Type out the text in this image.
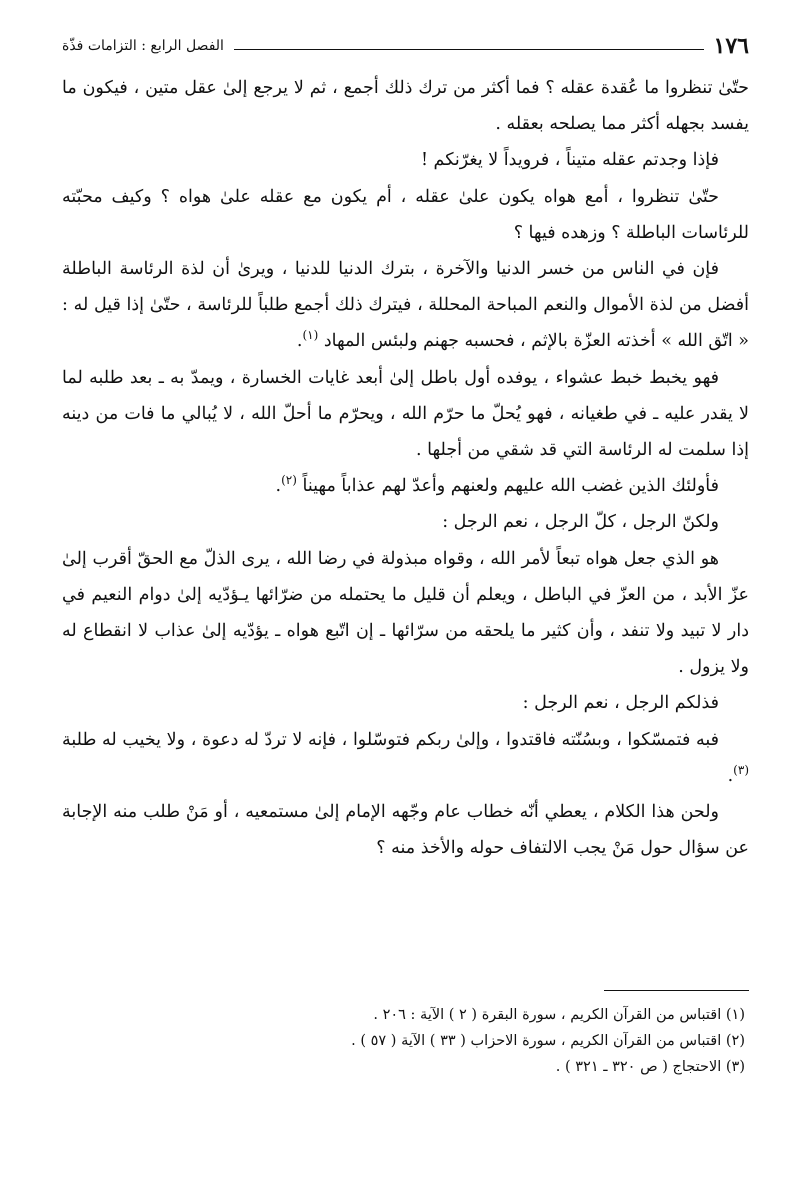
١٧٦
الفصل الرابع : التزامات فذّة

حتّىٰ تنظروا ما عُقدة عقله ؟ فما أكثر من ترك ذلك أجمع ، ثم لا يرجع إلىٰ عقل متين ، فيكون ما يفسد بجهله أكثر مما يصلحه بعقله .

فإذا وجدتم عقله متيناً ، فرويداً لا يغرّنكم !

حتّىٰ تنظروا ، أمع هواه يكون علىٰ عقله ، أم يكون مع عقله علىٰ هواه ؟ وكيف محبّته للرئاسات الباطلة ؟ وزهده فيها ؟

فإن في الناس من خسر الدنيا والآخرة ، بترك الدنيا للدنيا ، ويرىٰ أن لذة الرئاسة الباطلة أفضل من لذة الأموال والنعم المباحة المحللة ، فيترك ذلك أجمع طلباً للرئاسة ، حتّىٰ إذا قيل له : « اتّق الله » أخذته العزّة بالإثم ، فحسبه جهنم ولبئس المهاد $^{(١)}$.

فهو يخبط خبط عشواء ، يوفده أول باطل إلىٰ أبعد غايات الخسارة ، ويمدّ به ـ بعد طلبه لما لا يقدر عليه ـ في طغيانه ، فهو يُحلّ ما حرّم الله ، ويحرّم ما أحلّ الله ، لا يُبالي ما فات من دينه إذا سلمت له الرئاسة التي قد شقي من أجلها .

فأولئك الذين غضب الله عليهم ولعنهم وأعدّ لهم عذاباً مهيناً $^{(٢)}$.

ولكنّ الرجل ، كلّ الرجل ، نعم الرجل :

هو الذي جعل هواه تبعاً لأمر الله ، وقواه مبذولة في رضا الله ، يرى الذلّ مع الحقّ أقرب إلىٰ عزّ الأبد ، من العزّ في الباطل ، ويعلم أن قليل ما يحتمله من ضرّائها يـؤدّيه إلىٰ دوام النعيم في دار لا تبيد ولا تنفد ، وأن كثير ما يلحقه من سرّائها ـ إن اتّبع هواه ـ يؤدّيه إلىٰ عذاب لا انقطاع له ولا يزول .

فذلكم الرجل ، نعم الرجل :

فبه فتمسّكوا ، وبسُنّته فاقتدوا ، وإلىٰ ربكم فتوسّلوا ، فإنه لا تردّ له دعوة ، ولا يخيب له طلبة $^{(٣)}$.

ولحن هذا الكلام ، يعطي أنّه خطاب عام وجّهه الإمام إلىٰ مستمعيه ، أو مَنْ طلب منه الإجابة عن سؤال حول مَنْ يجب الالتفاف حوله والأخذ منه ؟

(١) اقتباس من القرآن الكريم ، سورة البقرة ( ٢ ) الآية : ٢٠٦ .

(٢) اقتباس من القرآن الكريم ، سورة الاحزاب ( ٣٣ ) الآية ( ٥٧ ) .

(٣) الاحتجاج ( ص ٣٢٠ ـ ٣٢١ ) .
